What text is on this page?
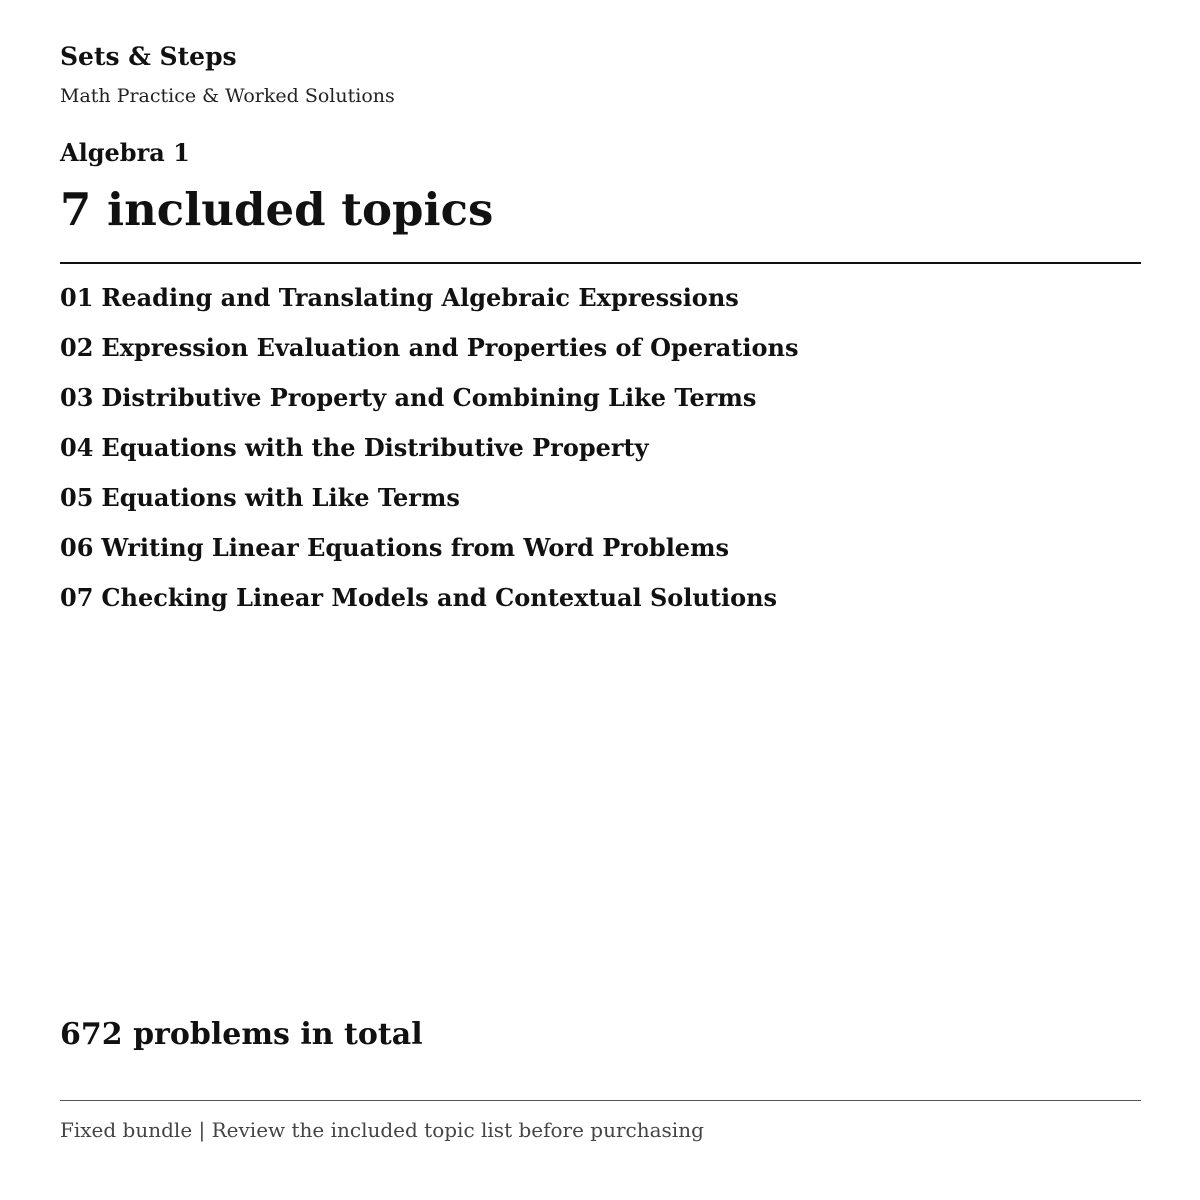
Sets & Steps
Math Practice & Worked Solutions
Algebra 1
7 included topics
01 Reading and Translating Algebraic Expressions
02 Expression Evaluation and Properties of Operations
03 Distributive Property and Combining Like Terms
04 Equations with the Distributive Property
05 Equations with Like Terms
06 Writing Linear Equations from Word Problems
07 Checking Linear Models and Contextual Solutions
672 problems in total
Fixed bundle | Review the included topic list before purchasing
